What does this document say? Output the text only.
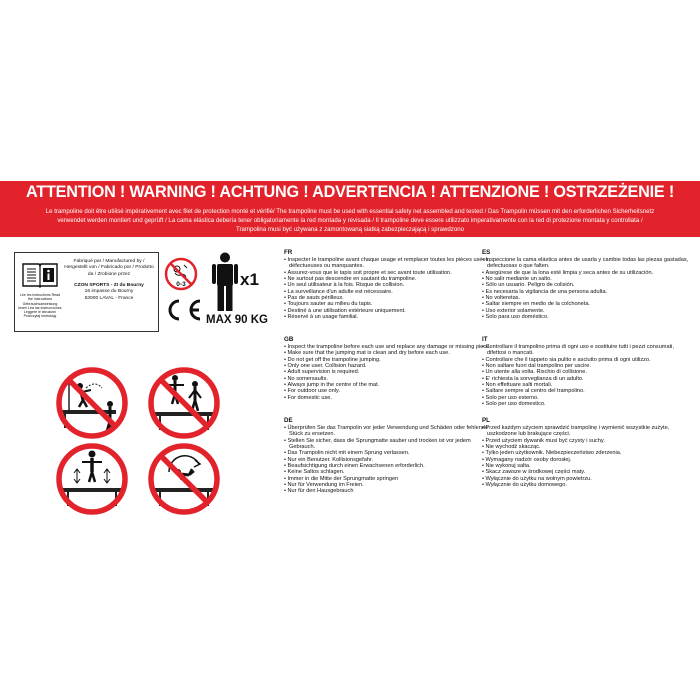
ATTENTION ! WARNING ! ACHTUNG ! ADVERTENCIA ! ATTENZIONE ! OSTRZEŻENIE !
Le trampoline doit être utilisé impérativement avec filet de protection monté et vérifié/ The trampoline must be used with essential safety net assembled and tested / Das Trampolin müssen mit den erforderlichen Sicherheitsnetz
verwendet werden montiert und geprüft / La cama elástica debería tener obligatoriamente la red montada y revisada / Il trampoline deve essere utilizzato imperativamente con la red di protezione montata y controllata /
Trampolina musi być używana z zamontowaną siatką zabezpieczającą i sprawdzono
Lire les instructions Read the instructions Gebrauchsanweisung lesen Lea las instrucciones Leggere le istruzioni Przeczytaj instrukcję
Fabriqué par / Manufactured by / Hergestellt von / Fabricado por / Prodotto da / Zrobione przez
CZON SPORTS - ZI du Bourny
16 impasse du Bourny
53000 LAVAL - France
0-3	x1
MAX 90 KG
FR
• Inspecter le trampoline avant chaque usage et remplacer toutes les pièces usées, défectueuses ou manquantes.
• Assurez-vous que le tapis soit propre et sec avant toute utilisation.
• Ne surtout pas descendre en sautant du trampoline.
• Un seul utilisateur à la fois. Risque de collision.
• La surveillance d'un adulte est nécessaire.
• Pas de sauts périlleux.
• Toujours sauter au milieu du tapis.
• Destiné à une utilisation extérieure uniquement.
• Réservé à un usage familial.
GB
• Inspect the trampoline before each use and replace any damage or missing piece.
• Make sure that the jumping mat is clean and dry before each use.
• Do not get off the trampoline jumping.
• Only one user. Collision hazard.
• Adult supervision is required.
• No somersaults.
• Always jump in the centre of the mat.
• For outdoor use only.
• For domestic use.
DE
• Überprüfen Sie das Trampolin vor jeder Verwendung und Schäden oder fehlende Stück zu ersetzen.
• Stellen Sie sicher, dass die Sprungmatte sauber und trocken ist vor jedem Gebrauch.
• Das Trampolin nicht mit einem Sprung verlassen.
• Nur ein Benutzer. Kollisionsgefahr.
• Beaufsichtigung durch einen Erwachsenen erforderlich.
• Keine Saltos schlagen.
• Immer in die Mitte der Sprungmatte springen
• Nur für Verwendung im Freien.
• Nur für den Hausgebrauch
ES
• Inspeccione la cama elástica antes de usarla y cambie todas las piezas gastadas, defectuosas o que falten.
• Asegúrese de que la lona esté limpia y seca antes de su utilización.
• No salir mediante un salto.
• Sólo un usuario. Peligro de colisión.
• Es necesaria la vigilancia de una persona adulta.
• No volteretas.
• Saltar siempre en medio de la colchoneta.
• Uso exterior solamente.
• Solo para uso doméstico.
IT
• Controllare il trampolino prima di ogni uso e sostituire tutti i pezzi consumati, difettosi o mancati.
• Controllare che il tappeto sia pulito e asciutto prima di ogni utilizzo.
• Non saltare fuori dal trampolino per uscire.
• Un utente alla volta. Rischio di collisione.
• E' richiesta la sorveglianza di un adulto.
• Non effettuare salti mortali.
• Saltare sempre al centro del trampolino.
• Solo per uso esterno.
• Solo per uso domestico.
PL
• Przed każdym użyciem sprawdzić trampolinę i wymienić wszystkie zużyte, uszkodzone lub brakujące części.
• Przed użyciem dywanik musi być czysty i suchy.
• Nie wychodź skacząc.
• Tylko jeden użytkownik. Niebezpieczeństwo zderzenia.
• Wymagany nadzór osoby dorosłej.
• Nie wykonuj salta.
• Skacz zawsze w środkowej części maty.
• Wyłącznie do użytku na wolnym powietrzu.
• Wyłącznie do użytku domowego.
